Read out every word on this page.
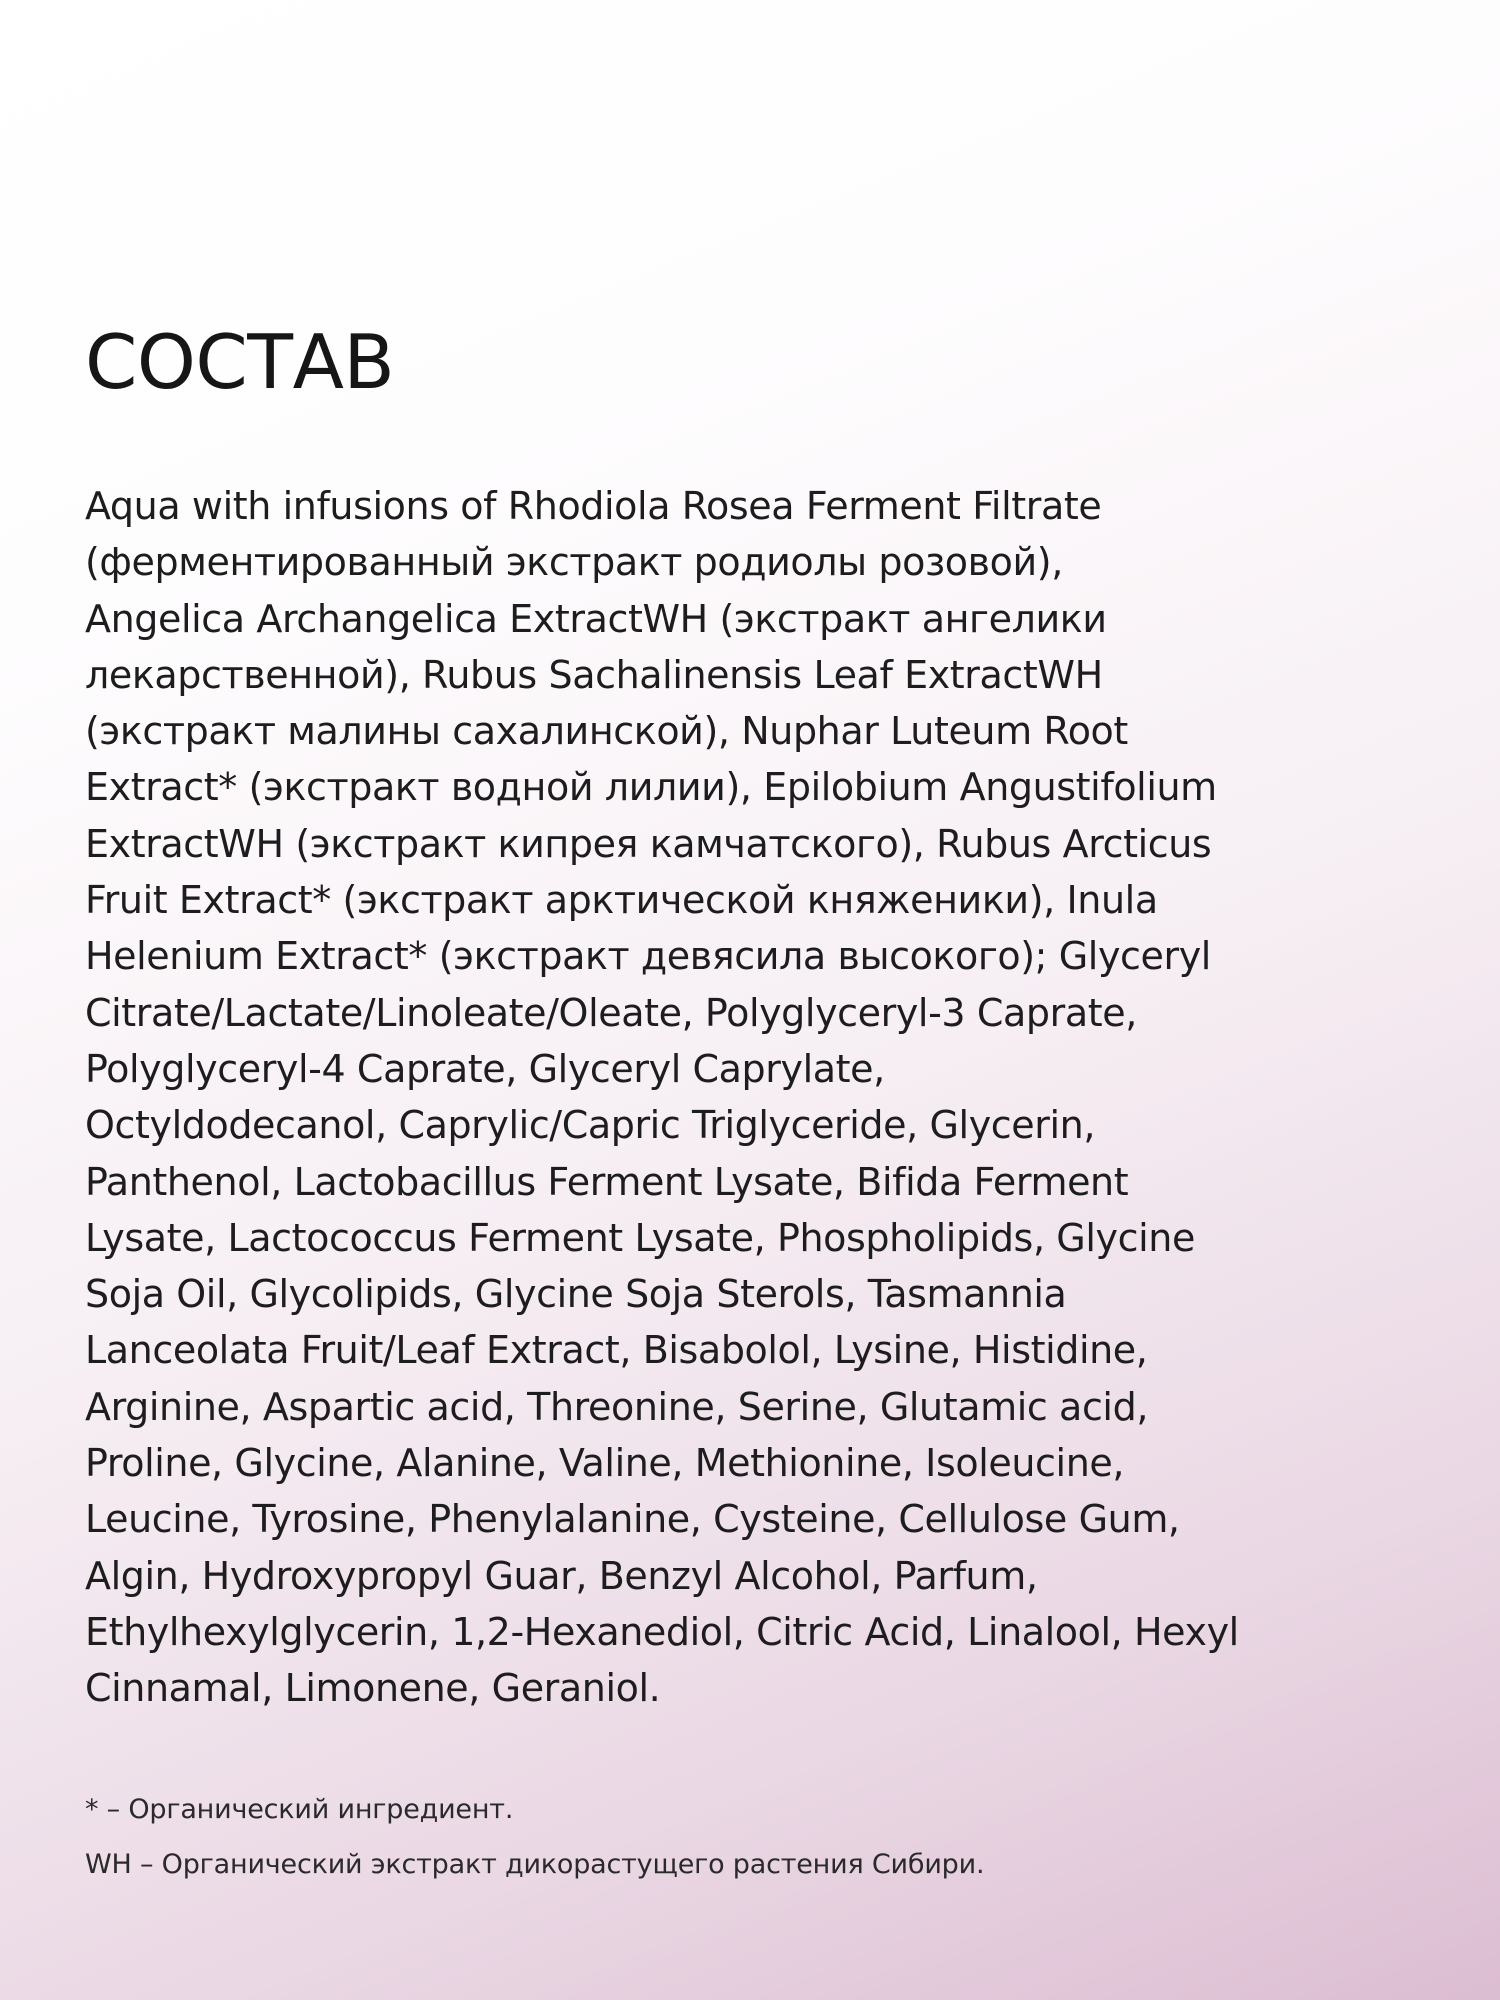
СОСТАВ
Aqua with infusions of Rhodiola Rosea Ferment Filtrate
(ферментированный экстракт родиолы розовой),
Angelica Archangelica ExtractWH (экстракт ангелики
лекарственной), Rubus Sachalinensis Leaf ExtractWH
(экстракт малины сахалинской), Nuphar Luteum Root
Extract* (экстракт водной лилии), Epilobium Angustifolium
ExtractWH (экстракт кипрея камчатского), Rubus Arcticus
Fruit Extract* (экстракт арктической княженики), Inula
Helenium Extract* (экстракт девясила высокого); Glyceryl
Citrate/Lactate/Linoleate/Oleate, Polyglyceryl-3 Caprate,
Polyglyceryl-4 Caprate, Glyceryl Caprylate,
Octyldodecanol, Caprylic/Capric Triglyceride, Glycerin,
Panthenol, Lactobacillus Ferment Lysate, Bifida Ferment
Lysate, Lactococcus Ferment Lysate, Phospholipids, Glycine
Soja Oil, Glycolipids, Glycine Soja Sterols, Tasmannia
Lanceolata Fruit/Leaf Extract, Bisabolol, Lysine, Histidine,
Arginine, Aspartic acid, Threonine, Serine, Glutamic acid,
Proline, Glycine, Alanine, Valine, Methionine, Isoleucine,
Leucine, Tyrosine, Phenylalanine, Cysteine, Cellulose Gum,
Algin, Hydroxypropyl Guar, Benzyl Alcohol, Parfum,
Ethylhexylglycerin, 1,2-Hexanediol, Citric Acid, Linalool, Hexyl
Cinnamal, Limonene, Geraniol.
* – Органический ингредиент.
WH – Органический экстракт дикорастущего растения Сибири.
